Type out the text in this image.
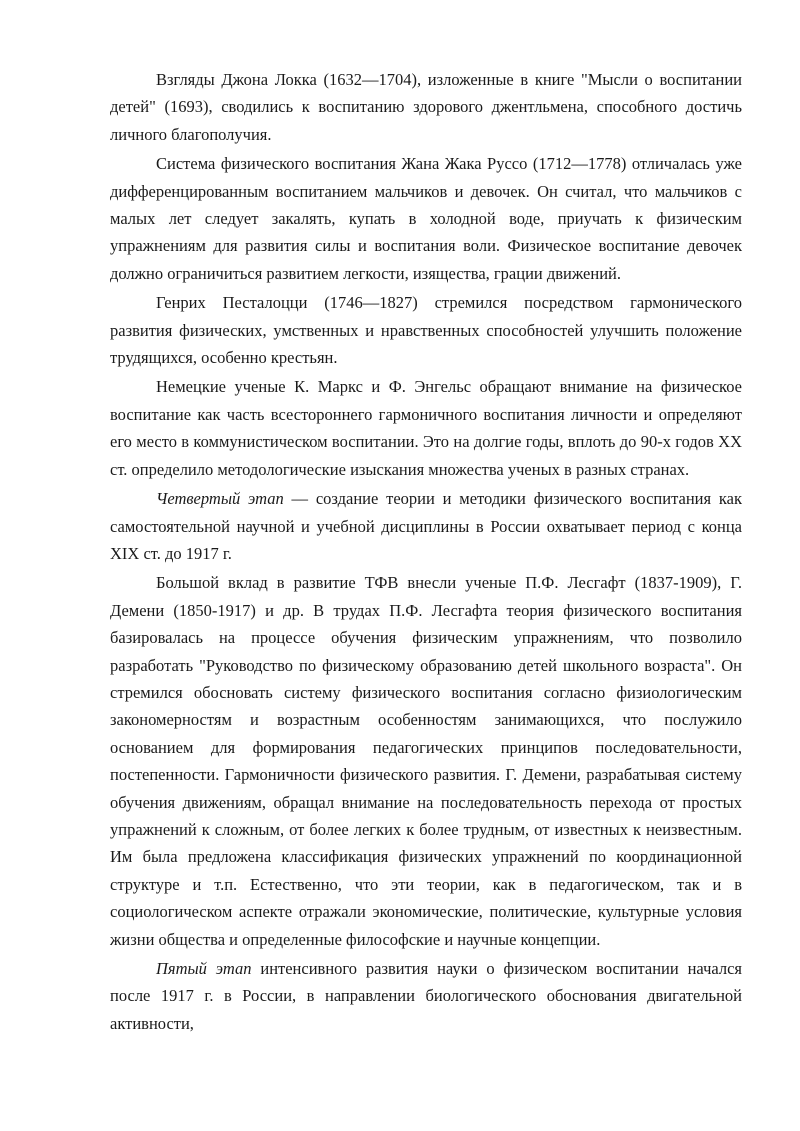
Взгляды Джона Локка (1632—1704), изложенные в книге "Мысли о воспитании детей" (1693), сводились к воспитанию здорового джентльмена, способного достичь личного благополучия.

Система физического воспитания Жана Жака Руссо (1712—1778) отличалась уже дифференцированным воспитанием мальчиков и девочек. Он считал, что мальчиков с малых лет следует закалять, купать в холодной воде, приучать к физическим упражнениям для развития силы и воспитания воли. Физическое воспитание девочек должно ограничиться развитием легкости, изящества, грации движений.

Генрих Песталоцци (1746—1827) стремился посредством гармонического развития физических, умственных и нравственных способностей улучшить положение трудящихся, особенно крестьян.

Немецкие ученые К. Маркс и Ф. Энгельс обращают внимание на физическое воспитание как часть всестороннего гармоничного воспитания личности и определяют его место в коммунистическом воспитании. Это на долгие годы, вплоть до 90-х годов XX ст. определило методологические изыскания множества ученых в разных странах.

Четвертый этап — создание теории и методики физического воспитания как самостоятельной научной и учебной дисциплины в России охватывает период с конца XIX ст. до 1917 г.

Большой вклад в развитие ТФВ внесли ученые П.Ф. Лесгафт (1837-1909), Г. Демени (1850-1917) и др. В трудах П.Ф. Лесгафта теория физического воспитания базировалась на процессе обучения физическим упражнениям, что позволило разработать "Руководство по физическому образованию детей школьного возраста". Он стремился обосновать систему физического воспитания согласно физиологическим закономерностям и возрастным особенностям занимающихся, что послужило основанием для формирования педагогических принципов последовательности, постепенности. Гармоничности физического развития. Г. Демени, разрабатывая систему обучения движениям, обращал внимание на последовательность перехода от простых упражнений к сложным, от более легких к более трудным, от известных к неизвестным. Им была предложена классификация физических упражнений по координационной структуре и т.п. Естественно, что эти теории, как в педагогическом, так и в социологическом аспекте отражали экономические, политические, культурные условия жизни общества и определенные философские и научные концепции.

Пятый этап интенсивного развития науки о физическом воспитании начался после 1917 г. в России, в направлении биологического обоснования двигательной активности,
